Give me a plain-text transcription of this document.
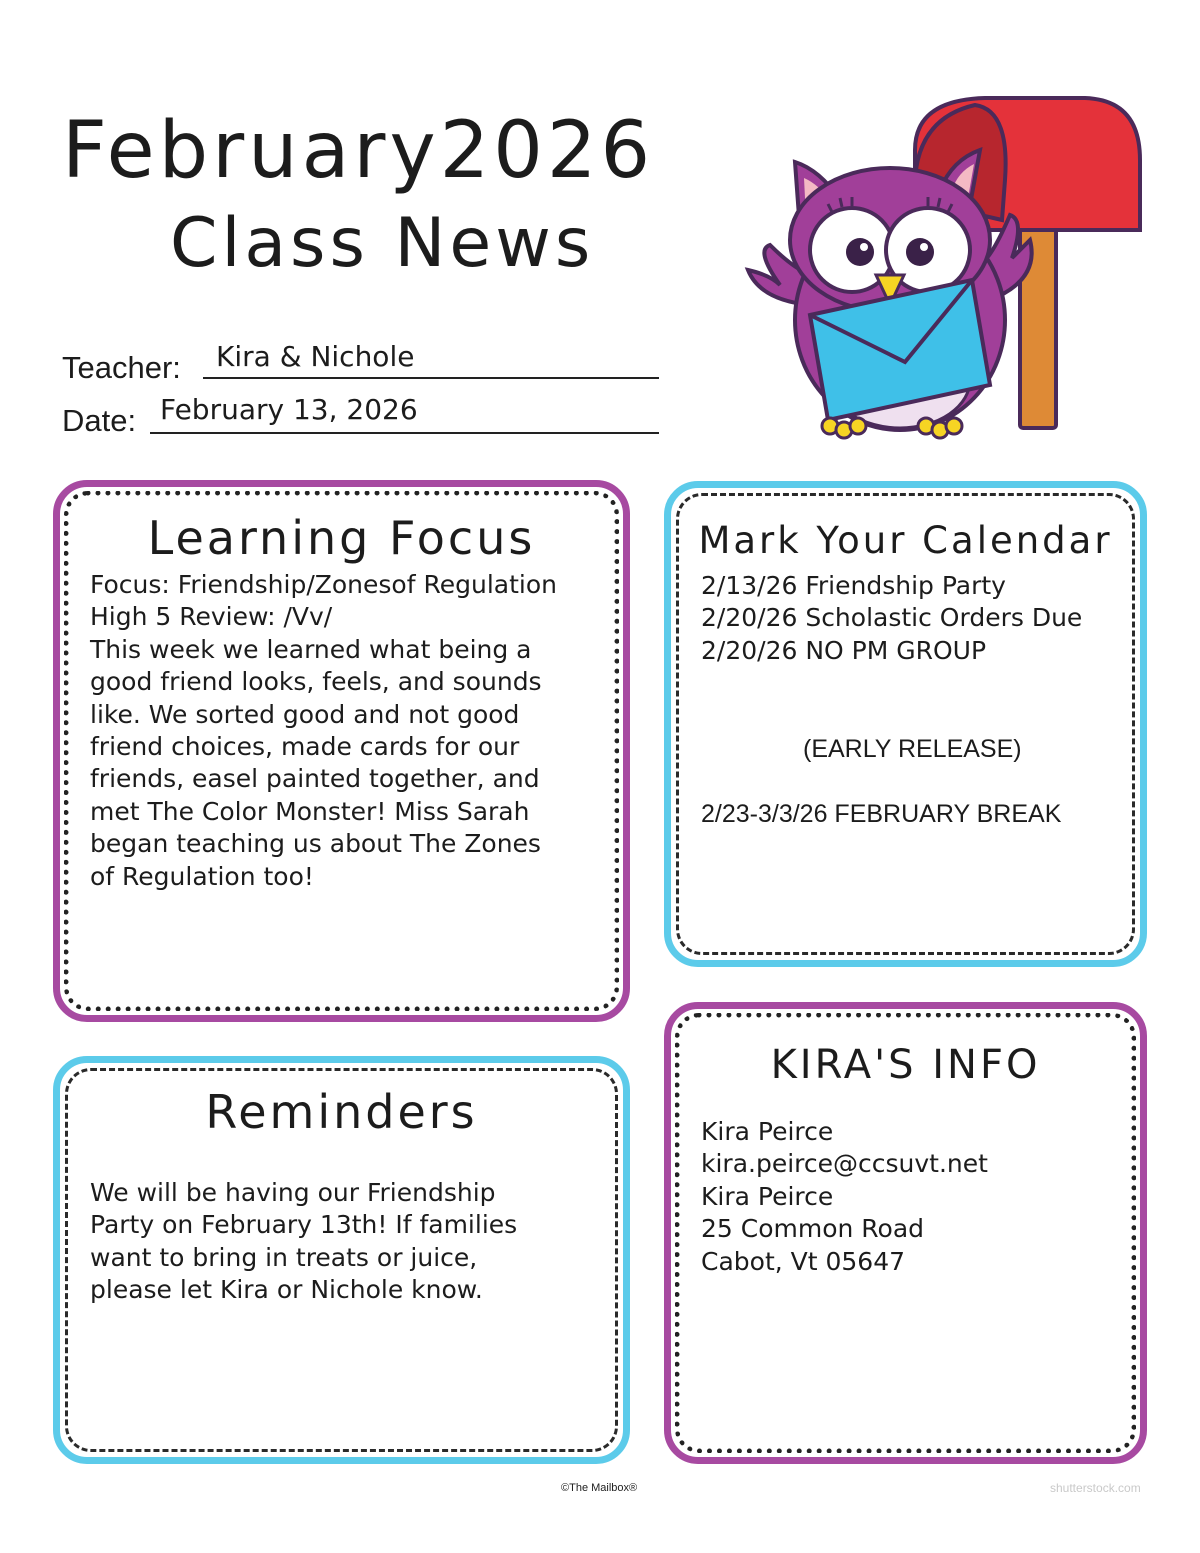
February2026
Class News
Teacher: Kira & Nichole
Date: February 13, 2026
Learning Focus
Focus: Friendship/Zonesof Regulation
High 5 Review: /Vv/
This week we learned what being a
good friend looks, feels, and sounds
like. We sorted good and not good
friend choices, made cards for our
friends, easel painted together, and
met The Color Monster! Miss Sarah
began teaching us about The Zones
of Regulation too!
Mark Your Calendar
2/13/26 Friendship Party
2/20/26 Scholastic Orders Due
2/20/26 NO PM GROUP
(EARLY RELEASE)
2/23-3/3/26 FEBRUARY BREAK
Reminders
We will be having our Friendship
Party on February 13th! If families
want to bring in treats or juice,
please let Kira or Nichole know.
KIRA'S INFO
Kira Peirce
kira.peirce@ccsuvt.net
Kira Peirce
25 Common Road
Cabot, Vt 05647
©The Mailbox®	shutterstock.com
